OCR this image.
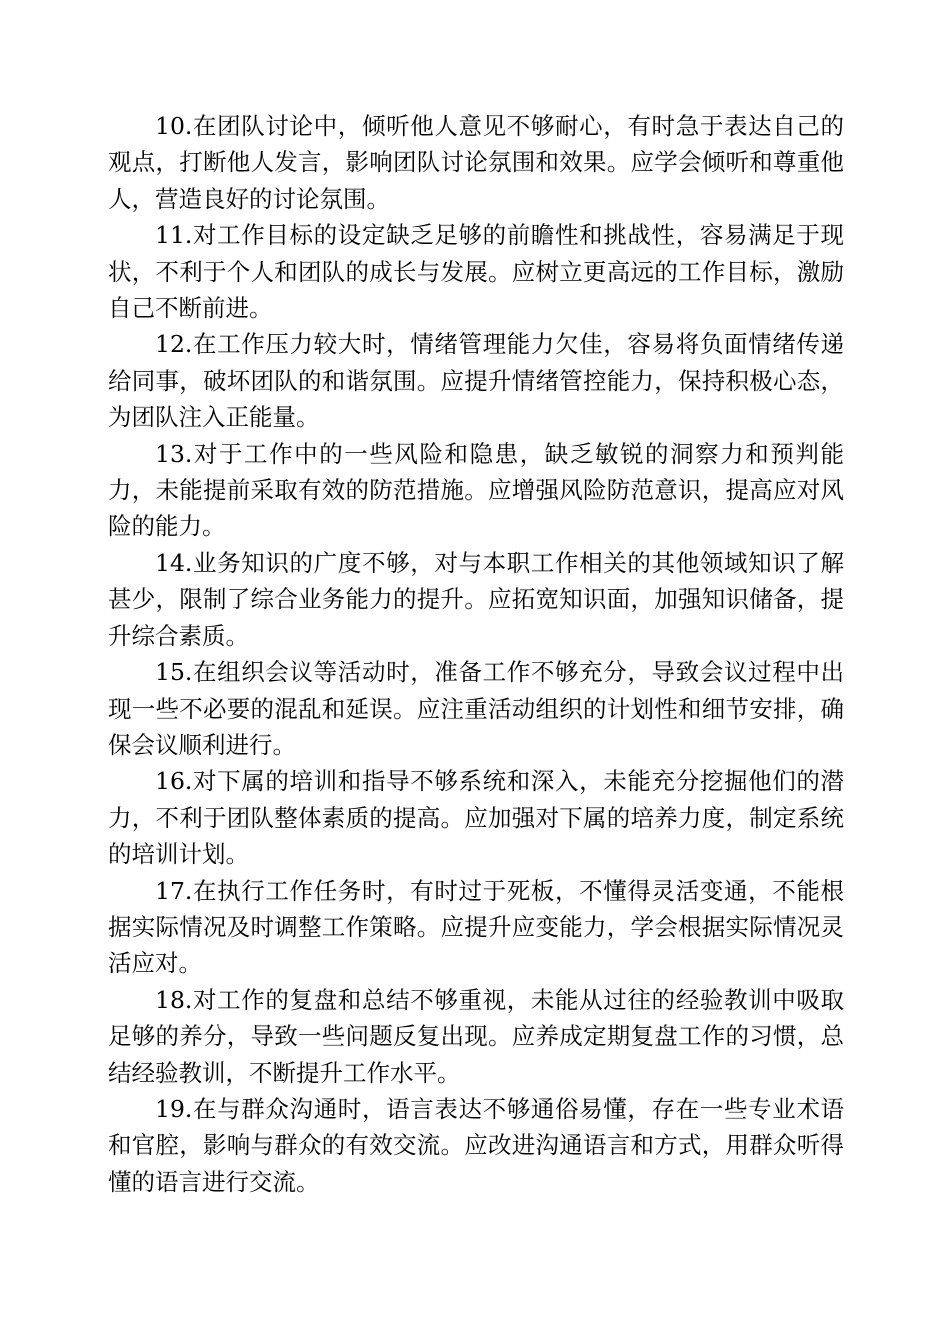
10.在团队讨论中，倾听他人意见不够耐心，有时急于表达自己的观点，打断他人发言，影响团队讨论氛围和效果。应学会倾听和尊重他人，营造良好的讨论氛围。

11.对工作目标的设定缺乏足够的前瞻性和挑战性，容易满足于现状，不利于个人和团队的成长与发展。应树立更高远的工作目标，激励自己不断前进。

12.在工作压力较大时，情绪管理能力欠佳，容易将负面情绪传递给同事，破坏团队的和谐氛围。应提升情绪管控能力，保持积极心态，为团队注入正能量。

13.对于工作中的一些风险和隐患，缺乏敏锐的洞察力和预判能力，未能提前采取有效的防范措施。应增强风险防范意识，提高应对风险的能力。

14.业务知识的广度不够，对与本职工作相关的其他领域知识了解甚少，限制了综合业务能力的提升。应拓宽知识面，加强知识储备，提升综合素质。

15.在组织会议等活动时，准备工作不够充分，导致会议过程中出现一些不必要的混乱和延误。应注重活动组织的计划性和细节安排，确保会议顺利进行。

16.对下属的培训和指导不够系统和深入，未能充分挖掘他们的潜力，不利于团队整体素质的提高。应加强对下属的培养力度，制定系统的培训计划。

17.在执行工作任务时，有时过于死板，不懂得灵活变通，不能根据实际情况及时调整工作策略。应提升应变能力，学会根据实际情况灵活应对。

18.对工作的复盘和总结不够重视，未能从过往的经验教训中吸取足够的养分，导致一些问题反复出现。应养成定期复盘工作的习惯，总结经验教训，不断提升工作水平。

19.在与群众沟通时，语言表达不够通俗易懂，存在一些专业术语和官腔，影响与群众的有效交流。应改进沟通语言和方式，用群众听得懂的语言进行交流。
